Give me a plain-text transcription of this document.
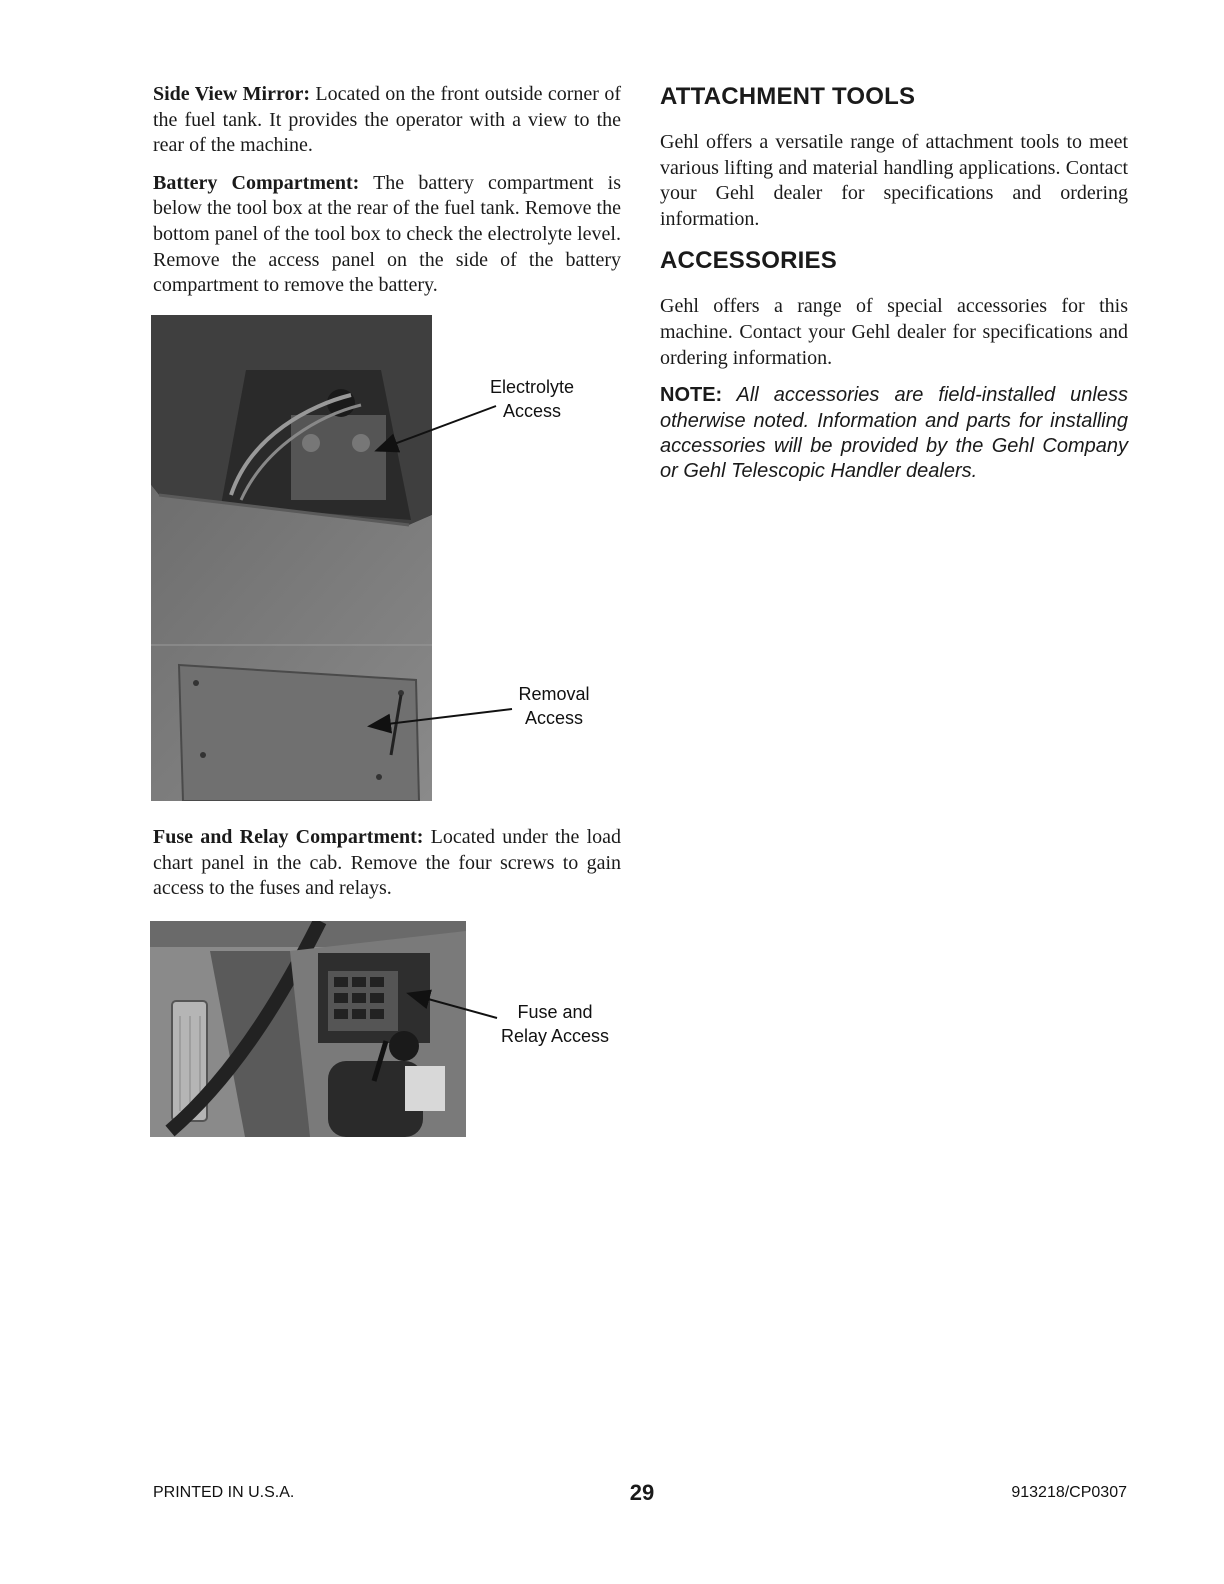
Side View Mirror: Located on the front outside corner of the fuel tank. It provides the operator with a view to the rear of the machine.

Battery Compartment: The battery compartment is below the tool box at the rear of the fuel tank. Remove the bottom panel of the tool box to check the electrolyte level. Remove the access panel on the side of the battery compartment to remove the battery.

Electrolyte
Access
Removal
Access

Fuse and Relay Compartment: Located under the load chart panel in the cab. Remove the four screws to gain access to the fuses and relays.

Fuse and
Relay Access
ATTACHMENT TOOLS

Gehl offers a versatile range of attachment tools to meet various lifting and material handling applications. Contact your Gehl dealer for specifications and ordering information.

ACCESSORIES

Gehl offers a range of special accessories for this machine. Contact your Gehl dealer for specifications and ordering information.

NOTE: All accessories are field-installed unless otherwise noted. Information and parts for installing accessories will be provided by the Gehl Company or Gehl Telescopic Handler dealers.

PRINTED IN U.S.A.	29	913218/CP0307
